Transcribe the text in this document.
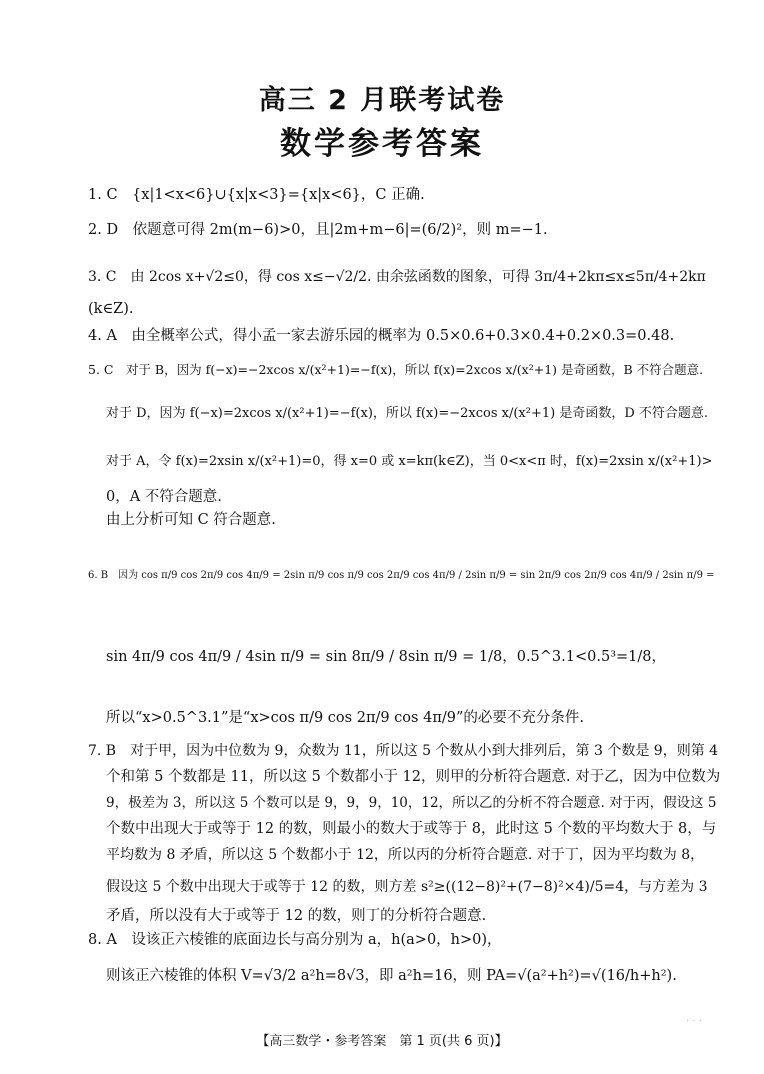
高三 2 月联考试卷
数学参考答案
1. C　{x|1<x<6}∪{x|x<3}={x|x<6}，C 正确.
2. D　依题意可得 2m(m−6)>0，且|2m+m−6|=(6/2)²，则 m=−1.
3. C　由 2cos x+√2≤0，得 cos x≤−√2/2. 由余弦函数的图象，可得 3π/4+2kπ≤x≤5π/4+2kπ
(k∈Z).
4. A　由全概率公式，得小孟一家去游乐园的概率为 0.5×0.6+0.3×0.4+0.2×0.3=0.48.
5. C　对于 B，因为 f(−x)=−2xcos x/(x²+1)=−f(x)，所以 f(x)=2xcos x/(x²+1) 是奇函数，B 不符合题意.
对于 D，因为 f(−x)=2xcos x/(x²+1)=−f(x)，所以 f(x)=−2xcos x/(x²+1) 是奇函数，D 不符合题意.
对于 A，令 f(x)=2xsin x/(x²+1)=0，得 x=0 或 x=kπ(k∈Z)，当 0<x<π 时，f(x)=2xsin x/(x²+1)>
0，A 不符合题意.
由上分析可知 C 符合题意.
6. B　因为 cos π/9 cos 2π/9 cos 4π/9 = 2sin π/9 cos π/9 cos 2π/9 cos 4π/9 / 2sin π/9 = sin 2π/9 cos 2π/9 cos 4π/9 / 2sin π/9 =
sin 4π/9 cos 4π/9 / 4sin π/9 = sin 8π/9 / 8sin π/9 = 1/8，0.5^3.1<0.5³=1/8，
所以“x>0.5^3.1”是“x>cos π/9 cos 2π/9 cos 4π/9”的必要不充分条件.
7. B　对于甲，因为中位数为 9，众数为 11，所以这 5 个数从小到大排列后，第 3 个数是 9，则第 4
个和第 5 个数都是 11，所以这 5 个数都小于 12，则甲的分析符合题意. 对于乙，因为中位数为
9，极差为 3，所以这 5 个数可以是 9，9，9，10，12，所以乙的分析不符合题意. 对于丙，假设这 5
个数中出现大于或等于 12 的数，则最小的数大于或等于 8，此时这 5 个数的平均数大于 8，与
平均数为 8 矛盾，所以这 5 个数都小于 12，所以丙的分析符合题意. 对于丁，因为平均数为 8，
假设这 5 个数中出现大于或等于 12 的数，则方差 s²≥((12−8)²+(7−8)²×4)/5=4，与方差为 3
矛盾，所以没有大于或等于 12 的数，则丁的分析符合题意.
8. A　设该正六棱锥的底面边长与高分别为 a，h(a>0，h>0)，
则该正六棱锥的体积 V=√3/2 a²h=8√3，即 a²h=16，则 PA=√(a²+h²)=√(16/h+h²).
· · ·
【高三数学・参考答案　第 1 页(共 6 页)】
